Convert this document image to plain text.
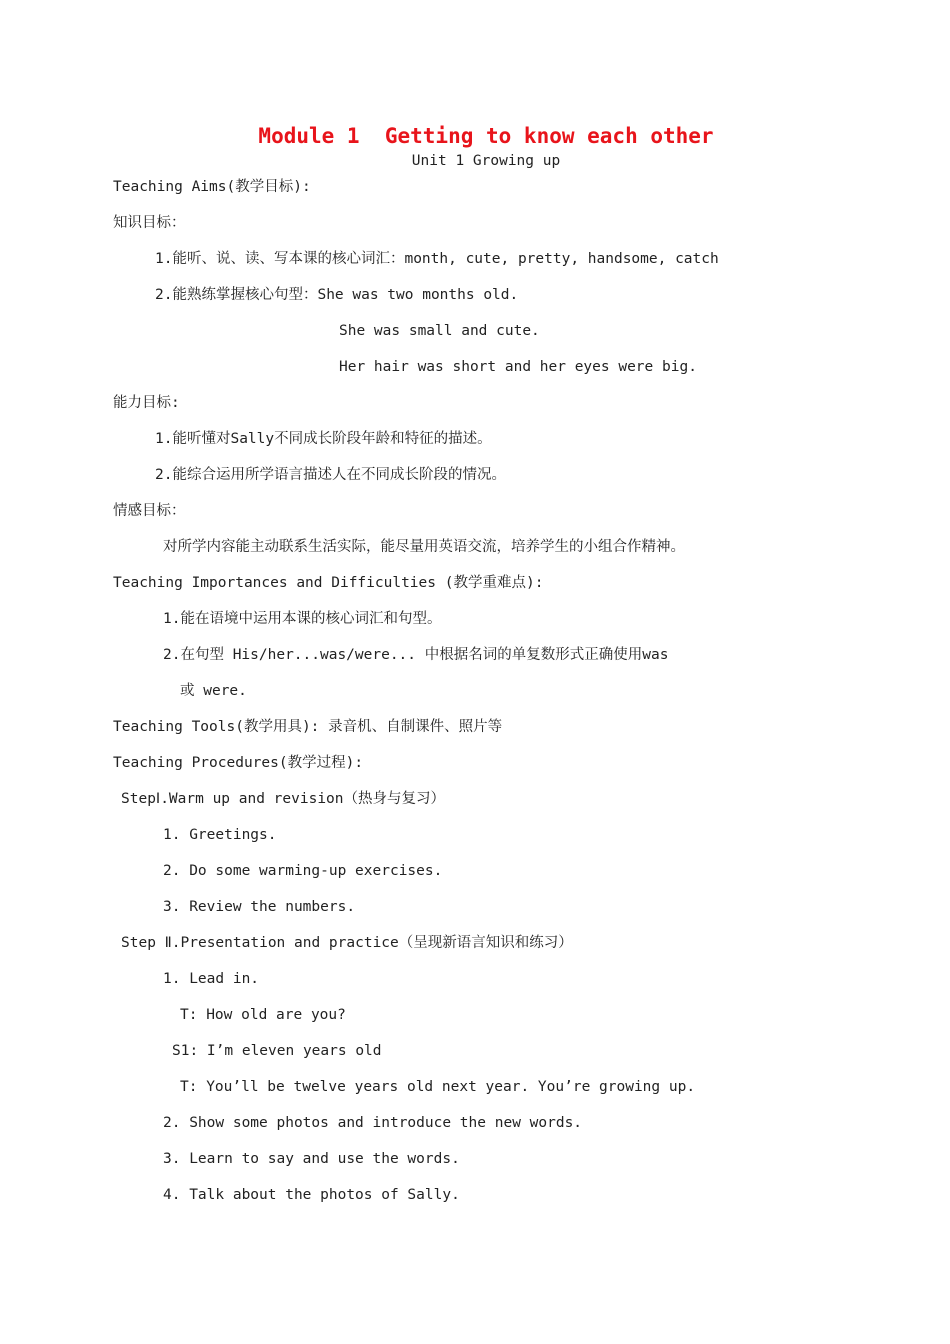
Module 1  Getting to know each other
Unit 1 Growing up
Teaching Aims(教学目标):
知识目标：
1.能听、说、读、写本课的核心词汇：month, cute, pretty, handsome, catch
2.能熟练掌握核心句型：She was two months old.
She was small and cute.
Her hair was short and her eyes were big.
能力目标:
1.能听懂对Sally不同成长阶段年龄和特征的描述。
2.能综合运用所学语言描述人在不同成长阶段的情况。
情感目标：
对所学内容能主动联系生活实际，能尽量用英语交流，培养学生的小组合作精神。
Teaching Importances and Difficulties (教学重难点):
1.能在语境中运用本课的核心词汇和句型。
2.在句型 His/her...was/were... 中根据名词的单复数形式正确使用was
或 were.
Teaching Tools(教学用具): 录音机、自制课件、照片等
Teaching Procedures(教学过程):
StepⅠ.Warm up and revision（热身与复习）
1. Greetings.
2. Do some warming-up exercises.
3. Review the numbers.
Step Ⅱ.Presentation and practice（呈现新语言知识和练习）
1. Lead in.
T: How old are you?
S1: I’m eleven years old
T: You’ll be twelve years old next year. You’re growing up.
2. Show some photos and introduce the new words.
3. Learn to say and use the words.
4. Talk about the photos of Sally.
